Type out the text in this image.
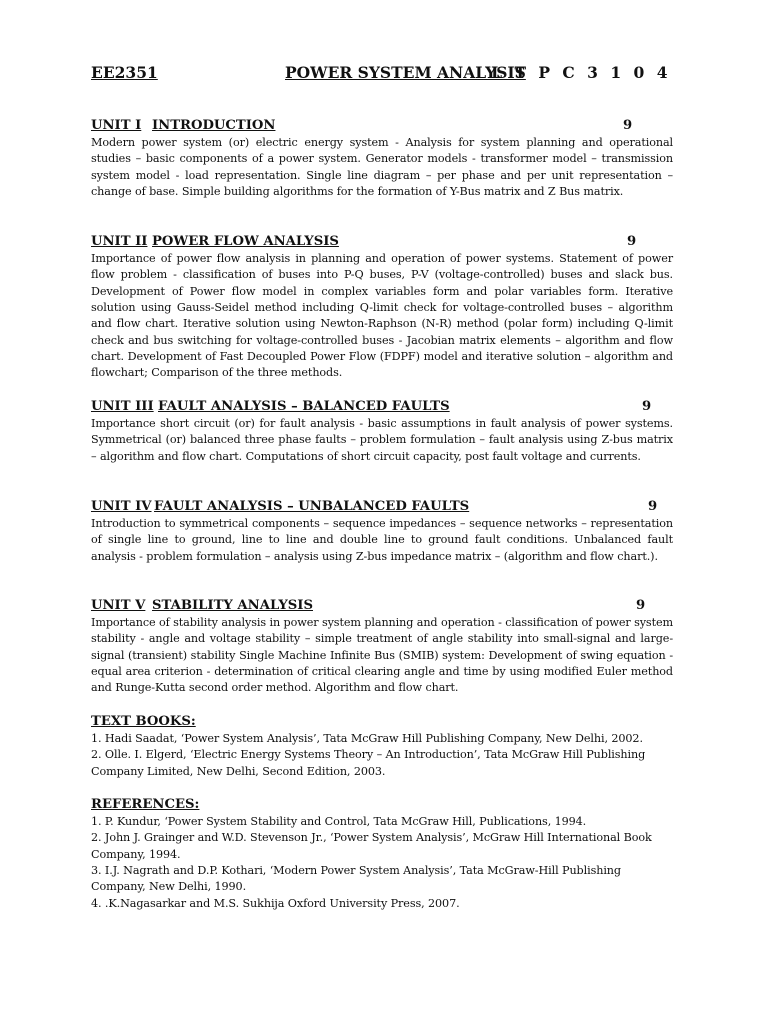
EE2351	POWER SYSTEM ANALYSIS
L T P C 3 1 0 4
UNIT I INTRODUCTION	9
Modern power system (or) electric energy system - Analysis for system planning and operational studies – basic components of a power system. Generator models - transformer model – transmission system model - load representation. Single line diagram – per phase and per unit representation – change of base. Simple building algorithms for the formation of Y-Bus matrix and Z Bus matrix.
UNIT II POWER FLOW ANALYSIS	9
Importance of power flow analysis in planning and operation of power systems. Statement of power flow problem - classification of buses into P-Q buses, P-V (voltage-controlled) buses and slack bus. Development of Power flow model in complex variables form and polar variables form. Iterative solution using Gauss-Seidel method including Q-limit check for voltage-controlled buses – algorithm and flow chart. Iterative solution using Newton-Raphson (N-R) method (polar form) including Q-limit check and bus switching for voltage-controlled buses - Jacobian matrix elements – algorithm and flow chart. Development of Fast Decoupled Power Flow (FDPF) model and iterative solution – algorithm and flowchart; Comparison of the three methods.
UNIT III FAULT ANALYSIS – BALANCED FAULTS	9
Importance short circuit (or) for fault analysis - basic assumptions in fault analysis of power systems. Symmetrical (or) balanced three phase faults – problem formulation – fault analysis using Z-bus matrix – algorithm and flow chart. Computations of short circuit capacity, post fault voltage and currents.
UNIT IV FAULT ANALYSIS – UNBALANCED FAULTS	9
Introduction to symmetrical components – sequence impedances – sequence networks – representation of single line to ground, line to line and double line to ground fault conditions. Unbalanced fault analysis - problem formulation – analysis using Z-bus impedance matrix – (algorithm and flow chart.).
UNIT V STABILITY ANALYSIS	9
Importance of stability analysis in power system planning and operation - classification of power system stability - angle and voltage stability – simple treatment of angle stability into small-signal and large-signal (transient) stability Single Machine Infinite Bus (SMIB) system: Development of swing equation - equal area criterion - determination of critical clearing angle and time by using modified Euler method and Runge-Kutta second order method. Algorithm and flow chart.
TEXT BOOKS:
1. Hadi Saadat, ‘Power System Analysis’, Tata McGraw Hill Publishing Company, New Delhi, 2002.
2. Olle. I. Elgerd, ‘Electric Energy Systems Theory – An Introduction’, Tata McGraw Hill Publishing Company Limited, New Delhi, Second Edition, 2003.
REFERENCES:
1. P. Kundur, ‘Power System Stability and Control, Tata McGraw Hill, Publications, 1994.
2. John J. Grainger and W.D. Stevenson Jr., ‘Power System Analysis’, McGraw Hill International Book Company, 1994.
3. I.J. Nagrath and D.P. Kothari, ‘Modern Power System Analysis’, Tata McGraw-Hill Publishing Company, New Delhi, 1990.
4. .K.Nagasarkar and M.S. Sukhija Oxford University Press, 2007.
